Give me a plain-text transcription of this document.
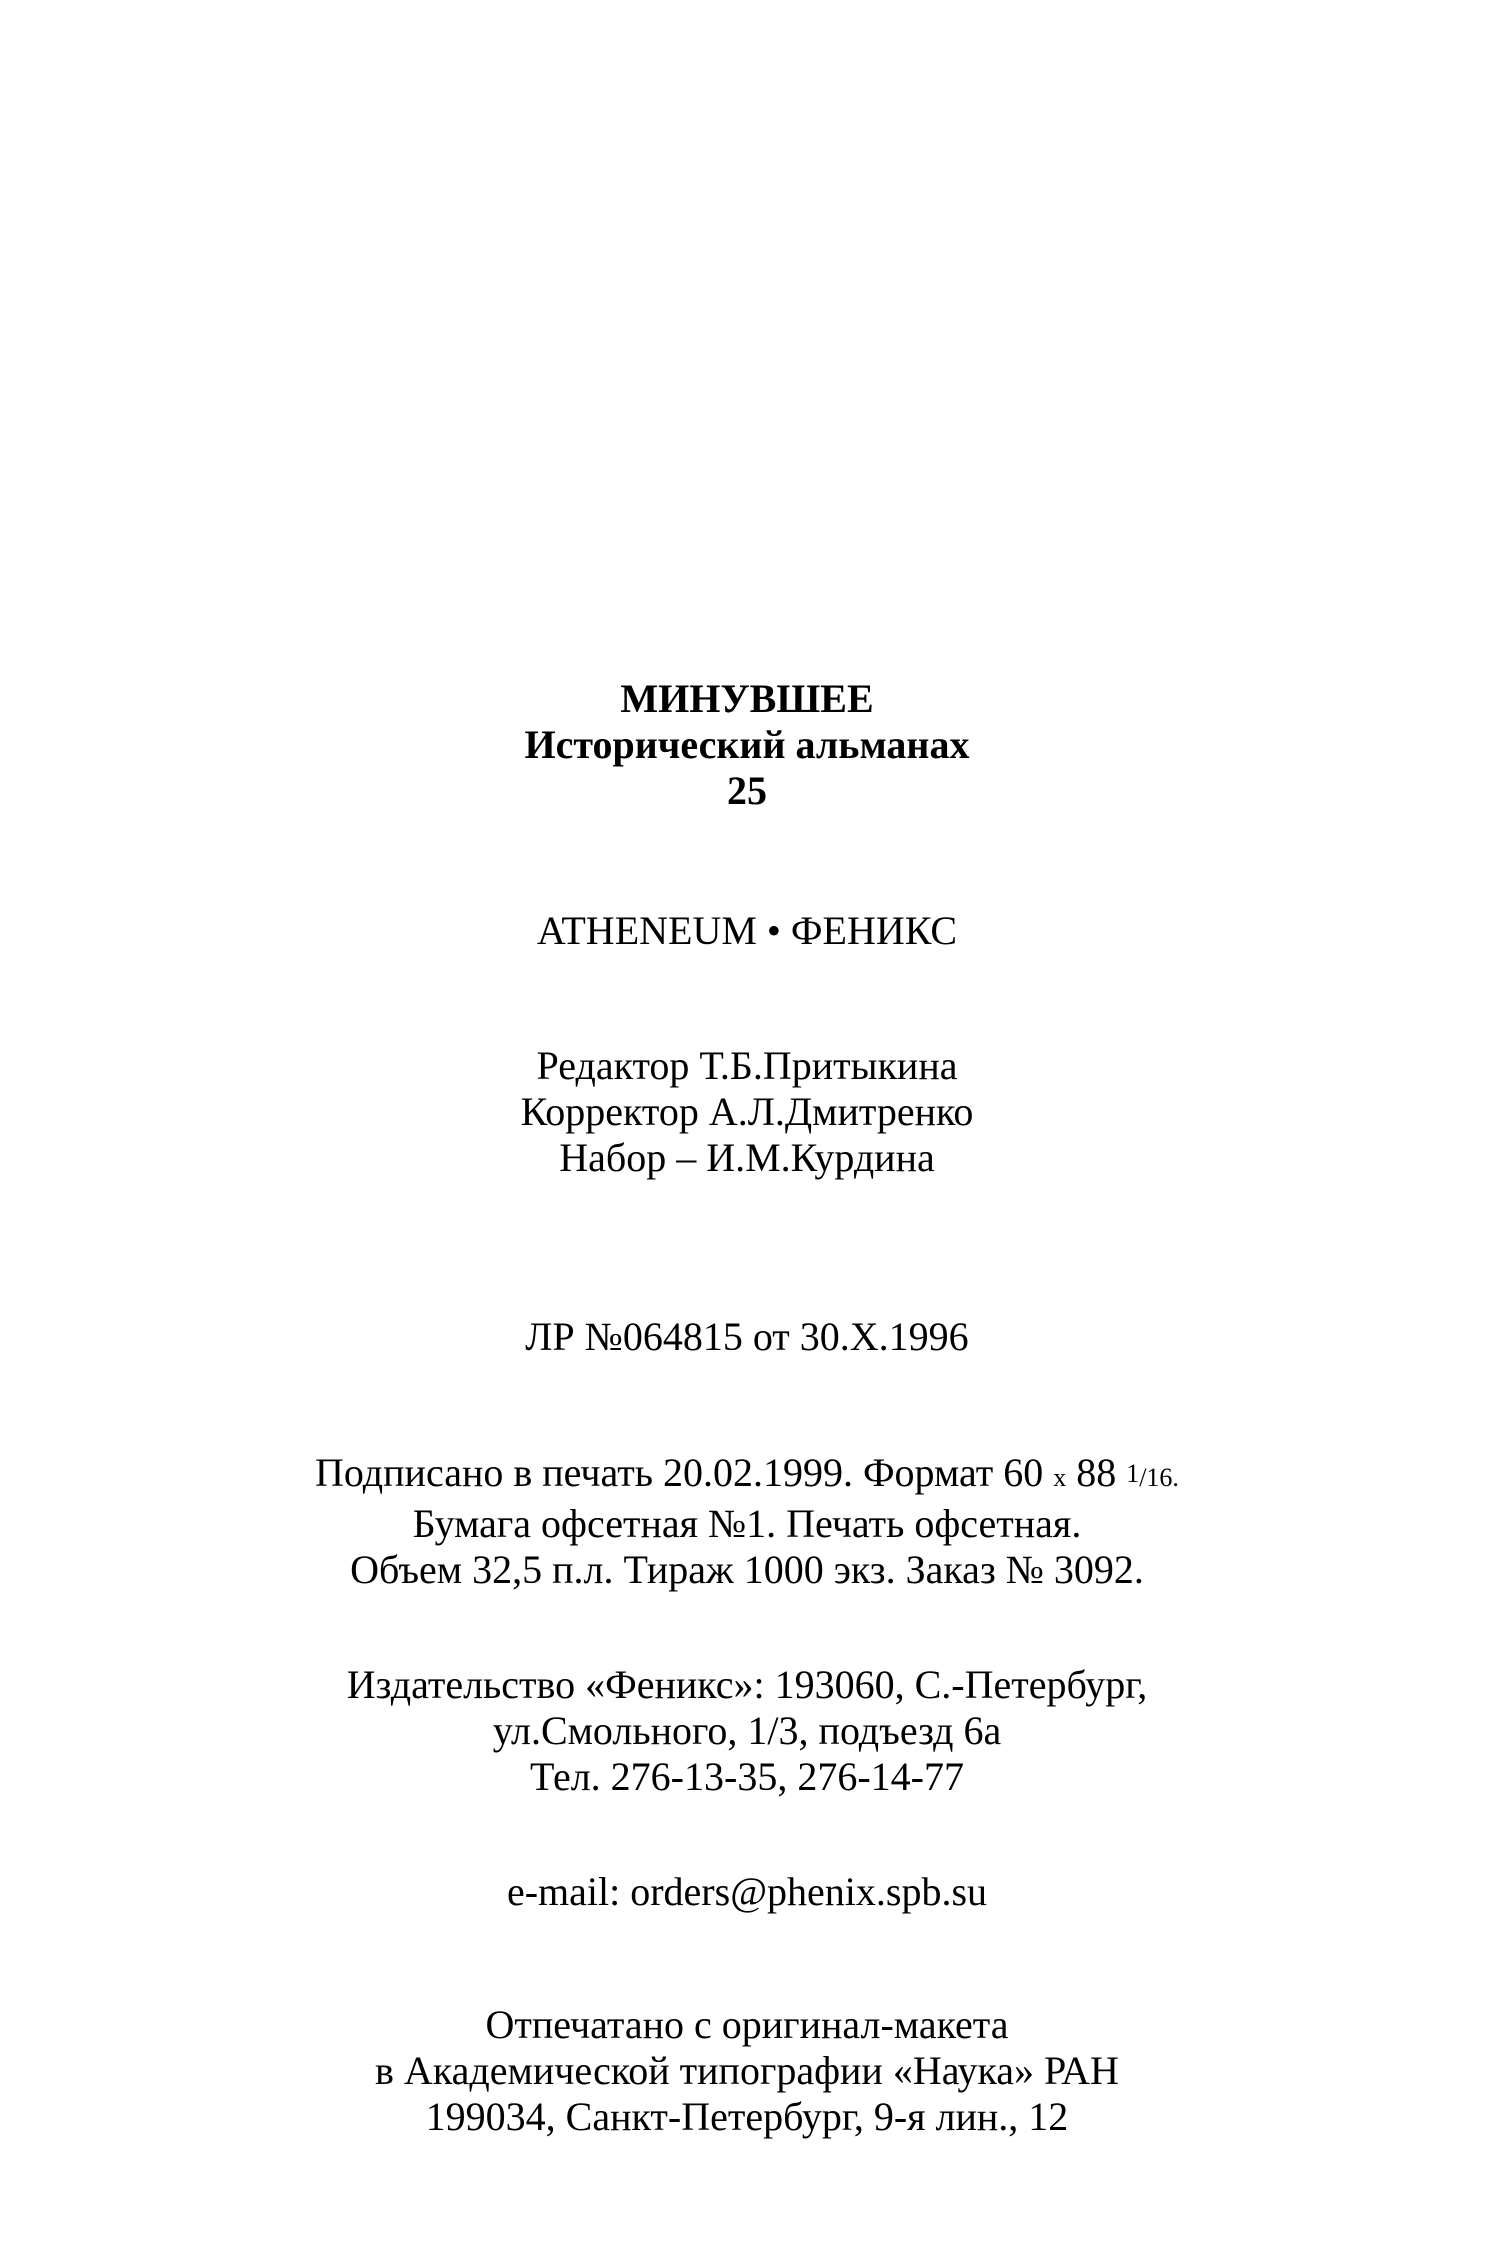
МИНУВШЕЕ
Исторический альманах
25
ATHENEUM • ФЕНИКС
Редактор Т.Б.Притыкина
Корректор А.Л.Дмитренко
Набор – И.М.Курдина
ЛР №064815 от 30.X.1996
Подписано в печать 20.02.1999. Формат 60 x 88 1/16.
Бумага офсетная №1. Печать офсетная.
Объем 32,5 п.л. Тираж 1000 экз. Заказ № 3092.
Издательство «Феникс»: 193060, С.-Петербург,
ул.Смольного, 1/3, подъезд 6а
Тел. 276-13-35, 276-14-77
e-mail: orders@phenix.spb.su
Отпечатано с оригинал-макета
в Академической типографии «Наука» РАН
199034, Санкт-Петербург, 9-я лин., 12
